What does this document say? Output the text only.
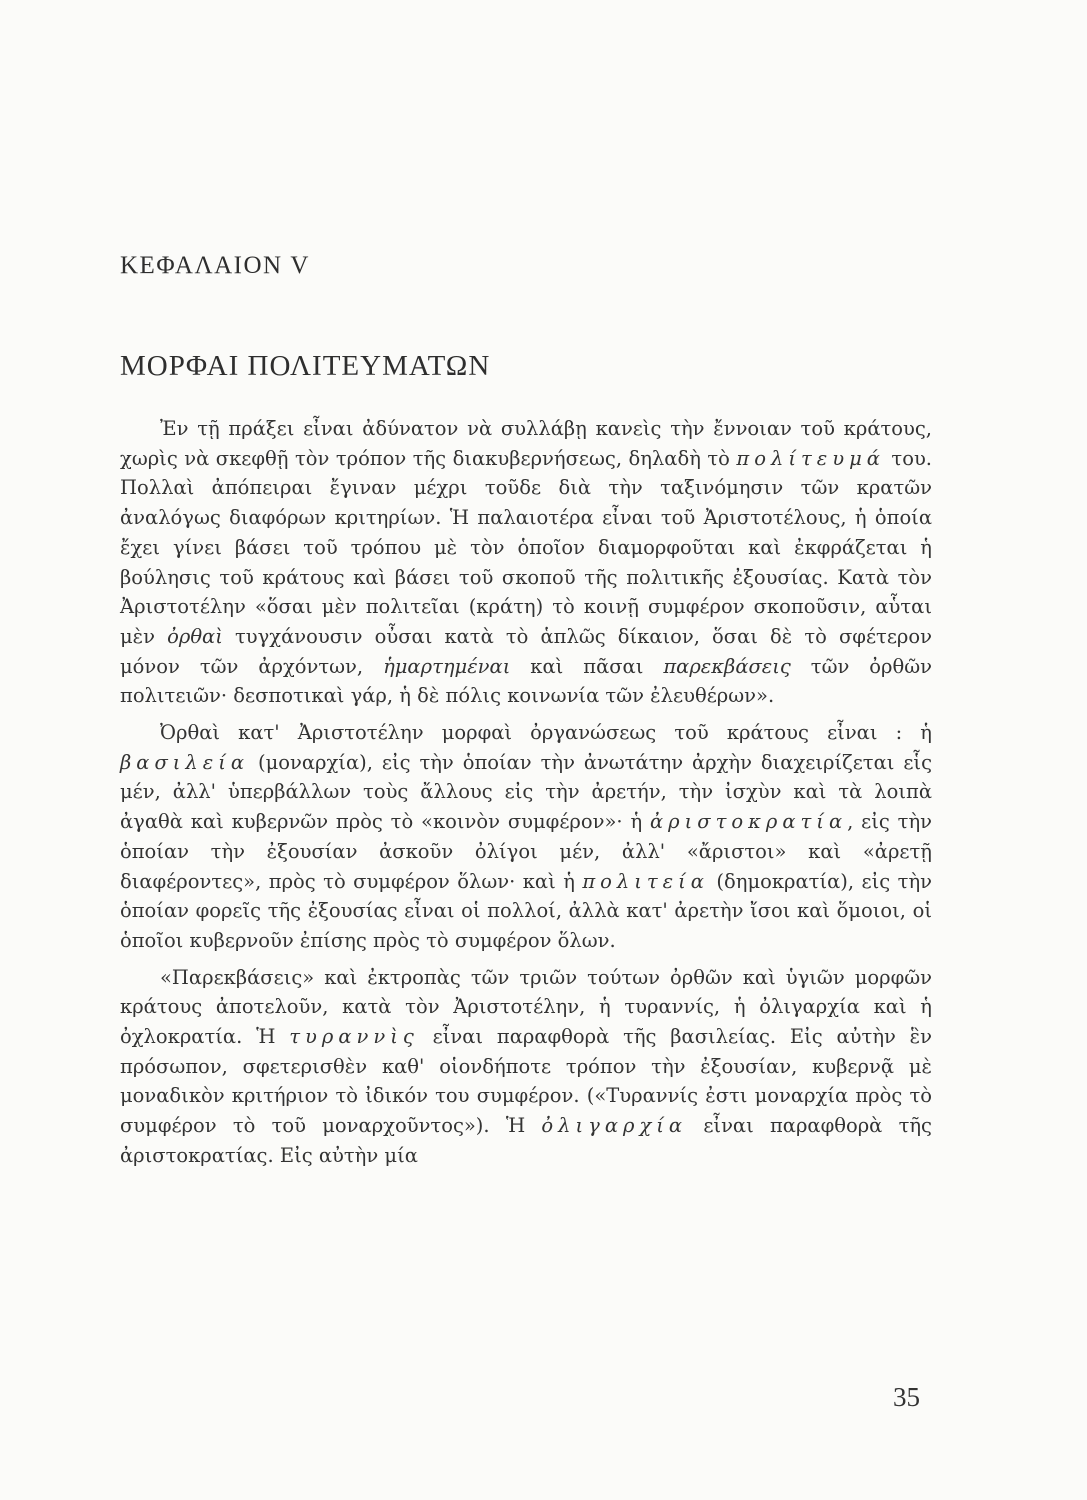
ΚΕΦΑΛΑΙΟΝ V
ΜΟΡΦΑΙ ΠΟΛΙΤΕΥΜΑΤΩΝ

Ἐν τῇ πράξει εἶναι ἀδύνατον νὰ συλλάβῃ κανεὶς τὴν ἔννοιαν τοῦ κράτους, χωρὶς νὰ σκεφθῇ τὸν τρόπον τῆς διακυβερνήσεως, δηλαδὴ τὸ πολίτευμά του. Πολλαὶ ἀπόπειραι ἔγιναν μέχρι τοῦδε διὰ τὴν ταξινόμησιν τῶν κρατῶν ἀναλόγως διαφόρων κριτηρίων. Ἡ παλαιοτέρα εἶναι τοῦ Ἀριστοτέλους, ἡ ὁποία ἔχει γίνει βάσει τοῦ τρόπου μὲ τὸν ὁποῖον διαμορφοῦται καὶ ἐκφράζεται ἡ βούλησις τοῦ κράτους καὶ βάσει τοῦ σκοποῦ τῆς πολιτικῆς ἐξουσίας. Κατὰ τὸν Ἀριστοτέλην «ὅσαι μὲν πολιτεῖαι (κράτη) τὸ κοινῇ συμφέρον σκοποῦσιν, αὗται μὲν ὀρθαὶ τυγχάνουσιν οὖσαι κατὰ τὸ ἁπλῶς δίκαιον, ὅσαι δὲ τὸ σφέτερον μόνον τῶν ἀρχόντων, ἡμαρτημέναι καὶ πᾶσαι παρεκβάσεις τῶν ὀρθῶν πολιτειῶν· δεσποτικαὶ γάρ, ἡ δὲ πόλις κοινωνία τῶν ἐλευθέρων».

Ὀρθαὶ κατ' Ἀριστοτέλην μορφαὶ ὀργανώσεως τοῦ κράτους εἶναι : ἡ βασιλεία (μοναρχία), εἰς τὴν ὁποίαν τὴν ἀνωτάτην ἀρχὴν διαχειρίζεται εἷς μέν, ἀλλ' ὑπερβάλλων τοὺς ἄλλους εἰς τὴν ἀρετήν, τὴν ἰσχὺν καὶ τὰ λοιπὰ ἀγαθὰ καὶ κυβερνῶν πρὸς τὸ «κοινὸν συμφέρον»· ἡ ἀριστοκρατία, εἰς τὴν ὁποίαν τὴν ἐξουσίαν ἀσκοῦν ὀλίγοι μέν, ἀλλ' «ἄριστοι» καὶ «ἀρετῇ διαφέροντες», πρὸς τὸ συμφέρον ὅλων· καὶ ἡ πολιτεία (δημοκρατία), εἰς τὴν ὁποίαν φορεῖς τῆς ἐξουσίας εἶναι οἱ πολλοί, ἀλλὰ κατ' ἀρετὴν ἴσοι καὶ ὅμοιοι, οἱ ὁποῖοι κυβερνοῦν ἐπίσης πρὸς τὸ συμφέρον ὅλων.

«Παρεκβάσεις» καὶ ἐκτροπὰς τῶν τριῶν τούτων ὀρθῶν καὶ ὑγιῶν μορφῶν κράτους ἀποτελοῦν, κατὰ τὸν Ἀριστοτέλην, ἡ τυραννίς, ἡ ὀλιγαρχία καὶ ἡ ὀχλοκρατία. Ἡ τυραννὶς εἶναι παραφθορὰ τῆς βασιλείας. Εἰς αὐτὴν ἓν πρόσωπον, σφετερισθὲν καθ' οἱονδήποτε τρόπον τὴν ἐξουσίαν, κυβερνᾷ μὲ μοναδικὸν κριτήριον τὸ ἰδικόν του συμφέρον. («Τυραννίς ἐστι μοναρχία πρὸς τὸ συμφέρον τὸ τοῦ μοναρχοῦντος»). Ἡ ὀλιγαρχία εἶναι παραφθορὰ τῆς ἀριστοκρατίας. Εἰς αὐτὴν μία

35
